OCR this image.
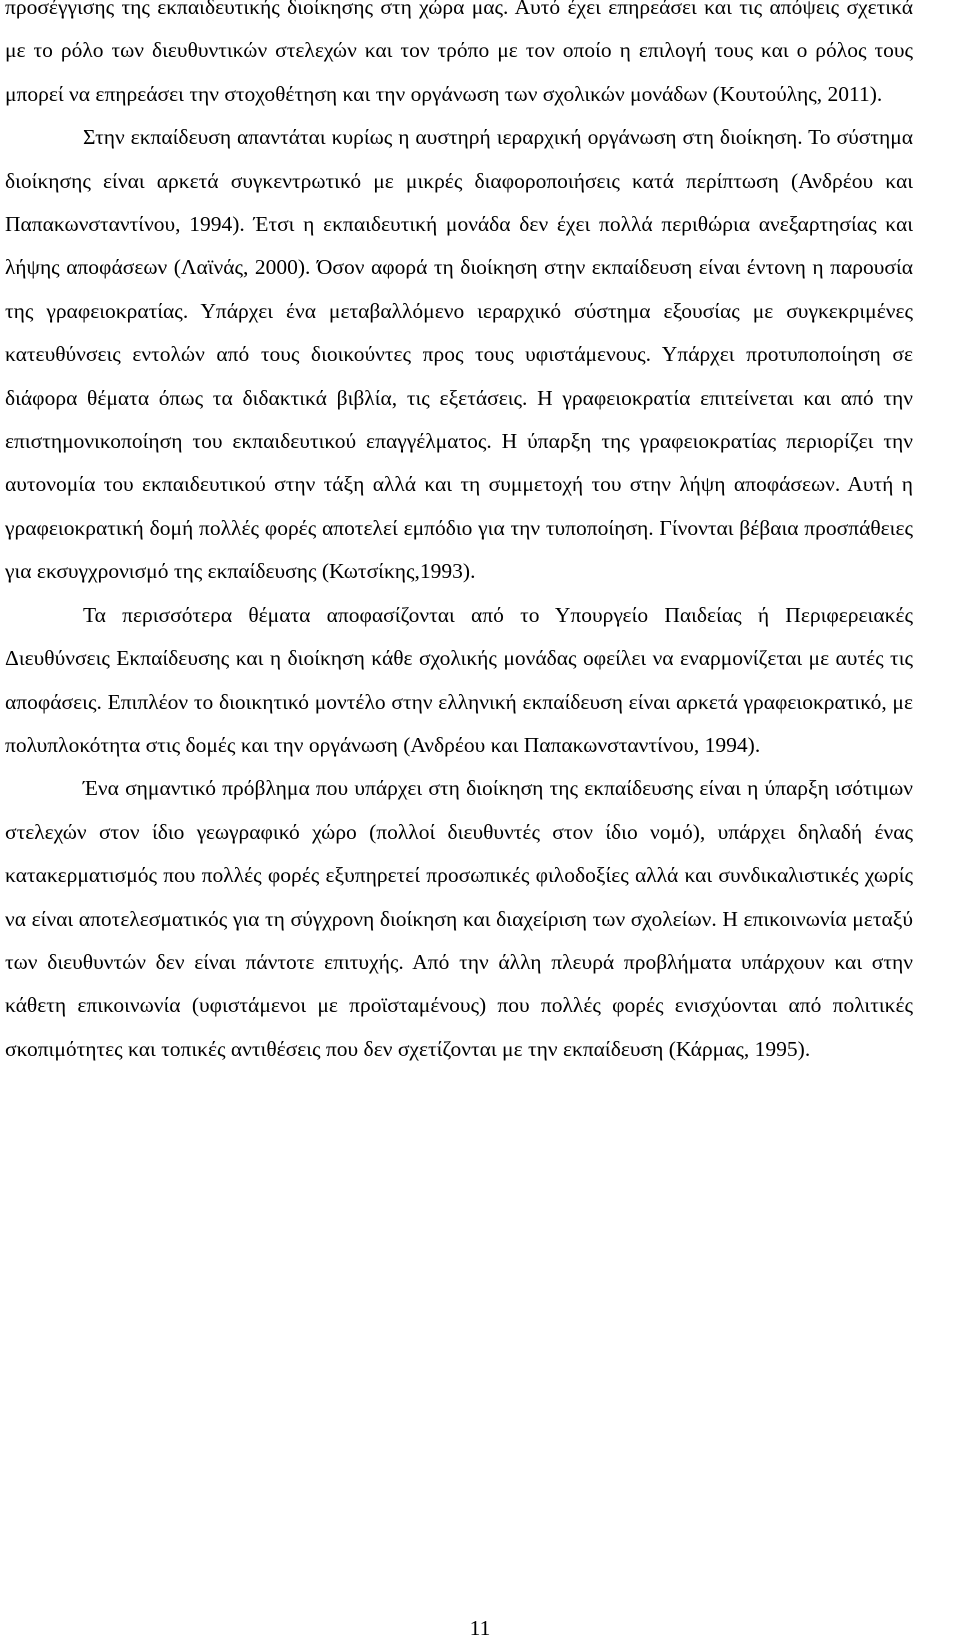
προσέγγισης της εκπαιδευτικής διοίκησης στη χώρα μας. Αυτό έχει επηρεάσει και τις απόψεις σχετικά με το ρόλο των διευθυντικών στελεχών και τον τρόπο με τον οποίο η επιλογή τους και ο ρόλος τους μπορεί να επηρεάσει την στοχοθέτηση και την οργάνωση των σχολικών μονάδων (Κουτούλης, 2011).

Στην εκπαίδευση απαντάται κυρίως η αυστηρή ιεραρχική οργάνωση στη διοίκηση. Το σύστημα διοίκησης είναι αρκετά συγκεντρωτικό με μικρές διαφοροποιήσεις κατά περίπτωση (Ανδρέου και Παπακωνσταντίνου, 1994). Έτσι η εκπαιδευτική μονάδα δεν έχει πολλά περιθώρια ανεξαρτησίας και λήψης αποφάσεων (Λαϊνάς, 2000). Όσον αφορά τη διοίκηση στην εκπαίδευση είναι έντονη η παρουσία της γραφειοκρατίας. Υπάρχει ένα μεταβαλλόμενο ιεραρχικό σύστημα εξουσίας με συγκεκριμένες κατευθύνσεις εντολών από τους διοικούντες προς τους υφιστάμενους. Υπάρχει προτυποποίηση σε διάφορα θέματα όπως τα διδακτικά βιβλία, τις εξετάσεις. Η γραφειοκρατία επιτείνεται και από την επιστημονικοποίηση του εκπαιδευτικού επαγγέλματος. Η ύπαρξη της γραφειοκρατίας περιορίζει την αυτονομία του εκπαιδευτικού στην τάξη αλλά και τη συμμετοχή του στην λήψη αποφάσεων. Αυτή η γραφειοκρατική δομή πολλές φορές αποτελεί εμπόδιο για την τυποποίηση. Γίνονται βέβαια προσπάθειες για εκσυγχρονισμό της εκπαίδευσης (Κωτσίκης,1993).

Τα περισσότερα θέματα αποφασίζονται από το Υπουργείο Παιδείας ή Περιφερειακές Διευθύνσεις Εκπαίδευσης και η διοίκηση κάθε σχολικής μονάδας οφείλει να εναρμονίζεται με αυτές τις αποφάσεις. Επιπλέον το διοικητικό μοντέλο στην ελληνική εκπαίδευση είναι αρκετά γραφειοκρατικό, με πολυπλοκότητα στις δομές και την οργάνωση (Ανδρέου και Παπακωνσταντίνου, 1994).

Ένα σημαντικό πρόβλημα που υπάρχει στη διοίκηση της εκπαίδευσης είναι η ύπαρξη ισότιμων στελεχών στον ίδιο γεωγραφικό χώρο (πολλοί διευθυντές στον ίδιο νομό), υπάρχει δηλαδή ένας κατακερματισμός που πολλές φορές εξυπηρετεί προσωπικές φιλοδοξίες αλλά και συνδικαλιστικές χωρίς να είναι αποτελεσματικός για τη σύγχρονη διοίκηση και διαχείριση των σχολείων. Η επικοινωνία μεταξύ των διευθυντών δεν είναι πάντοτε επιτυχής. Από την άλλη πλευρά προβλήματα υπάρχουν και στην κάθετη επικοινωνία (υφιστάμενοι με προϊσταμένους) που πολλές φορές ενισχύονται από πολιτικές σκοπιμότητες και τοπικές αντιθέσεις που δεν σχετίζονται με την εκπαίδευση (Κάρμας, 1995).

11
